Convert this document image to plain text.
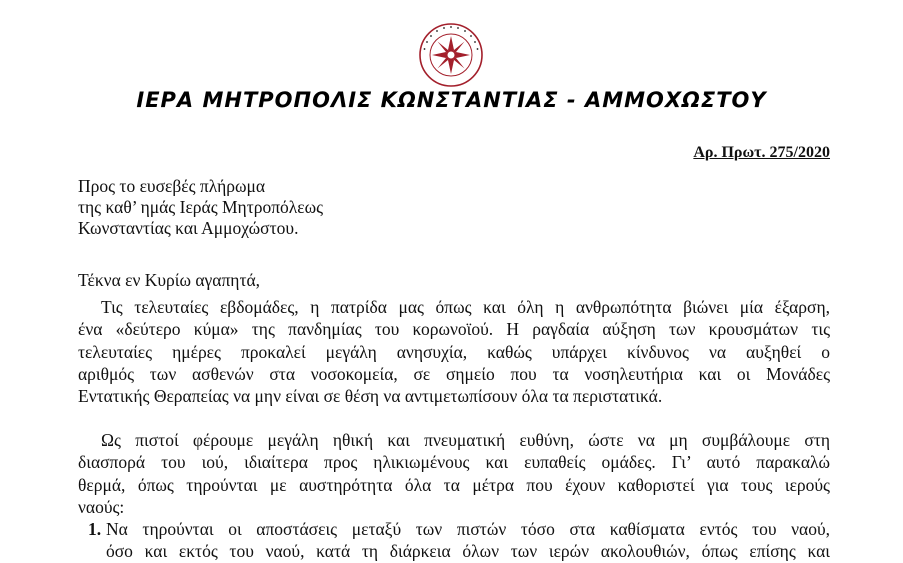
ΙΕΡΑ ΜΗΤΡΟΠΟΛΙΣ ΚΩΝΣΤΑΝΤΙΑΣ - ΑΜΜΟΧΩΣΤΟΥ
Αρ. Πρωτ. 275/2020
Προς το ευσεβές πλήρωμα
της καθ’ ημάς Ιεράς Μητροπόλεως
Κωνσταντίας και Αμμοχώστου.
Τέκνα εν Κυρίω αγαπητά,
Τις τελευταίες εβδομάδες, η πατρίδα μας όπως και όλη η ανθρωπότητα βιώνει μία έξαρση,
ένα «δεύτερο κύμα» της πανδημίας του κορωνοϊού. Η ραγδαία αύξηση των κρουσμάτων τις
τελευταίες ημέρες προκαλεί μεγάλη ανησυχία, καθώς υπάρχει κίνδυνος να αυξηθεί ο
αριθμός των ασθενών στα νοσοκομεία, σε σημείο που τα νοσηλευτήρια και οι Μονάδες
Εντατικής Θεραπείας να μην είναι σε θέση να αντιμετωπίσουν όλα τα περιστατικά.
Ως πιστοί φέρουμε μεγάλη ηθική και πνευματική ευθύνη, ώστε να μη συμβάλουμε στη
διασπορά του ιού, ιδιαίτερα προς ηλικιωμένους και ευπαθείς ομάδες. Γι’ αυτό παρακαλώ
θερμά, όπως τηρούνται με αυστηρότητα όλα τα μέτρα που έχουν καθοριστεί για τους ιερούς
ναούς:
1. Να τηρούνται οι αποστάσεις μεταξύ των πιστών τόσο στα καθίσματα εντός του ναού,
όσο και εκτός του ναού, κατά τη διάρκεια όλων των ιερών ακολουθιών, όπως επίσης και
